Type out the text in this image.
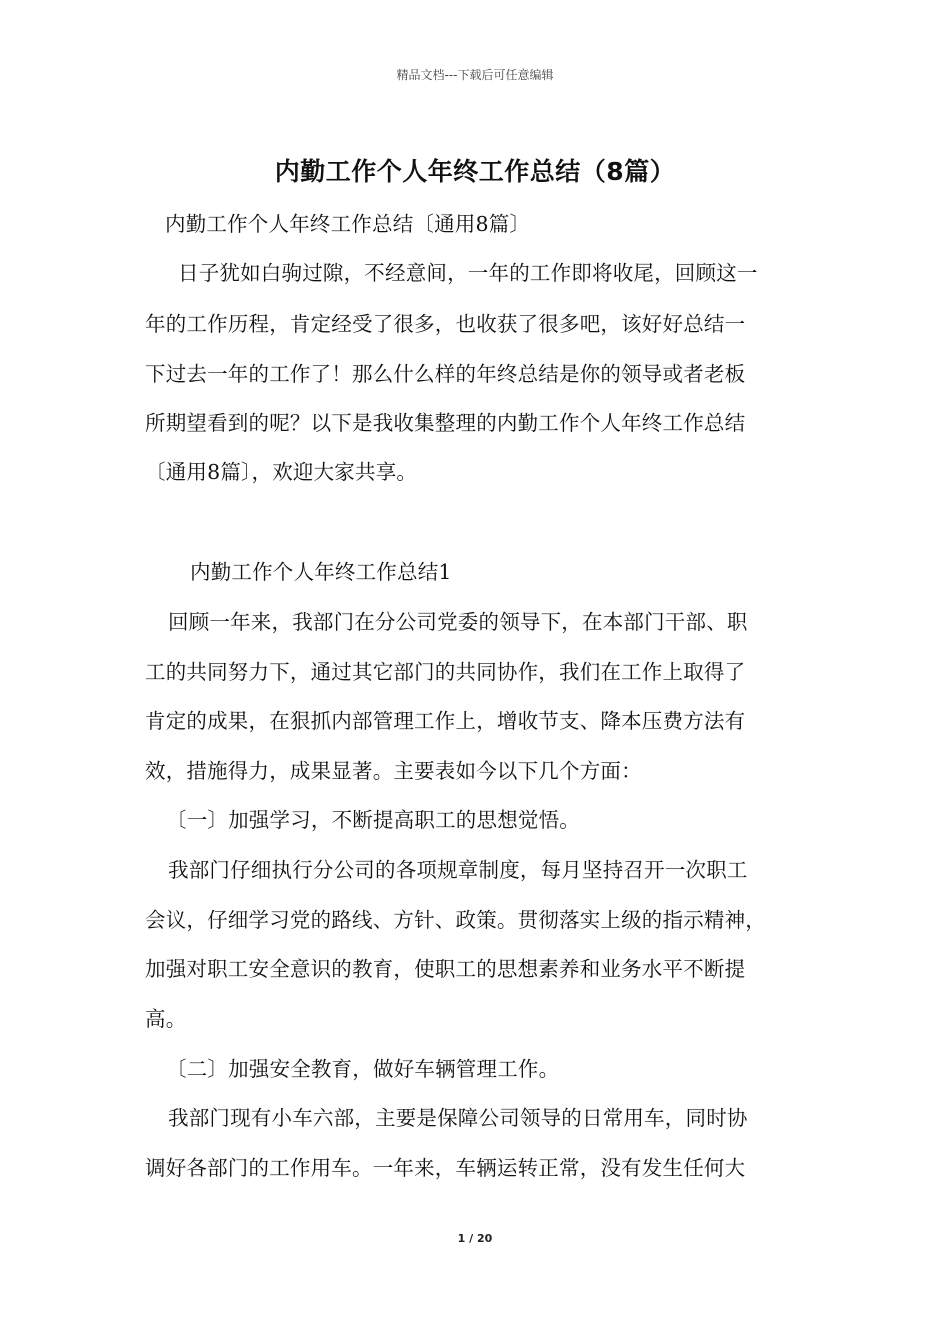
精品文档---下载后可任意编辑
内勤工作个人年终工作总结（8篇）
内勤工作个人年终工作总结〔通用8篇〕
日子犹如白驹过隙，不经意间，一年的工作即将收尾，回顾这一
年的工作历程，肯定经受了很多，也收获了很多吧，该好好总结一
下过去一年的工作了！那么什么样的年终总结是你的领导或者老板
所期望看到的呢？以下是我收集整理的内勤工作个人年终工作总结
〔通用8篇〕，欢迎大家共享。
内勤工作个人年终工作总结1
回顾一年来，我部门在分公司党委的领导下，在本部门干部、职
工的共同努力下，通过其它部门的共同协作，我们在工作上取得了
肯定的成果，在狠抓内部管理工作上，增收节支、降本压费方法有
效，措施得力，成果显著。主要表如今以下几个方面：
〔一〕加强学习，不断提高职工的思想觉悟。
我部门仔细执行分公司的各项规章制度，每月坚持召开一次职工
会议，仔细学习党的路线、方针、政策。贯彻落实上级的指示精神，
加强对职工安全意识的教育，使职工的思想素养和业务水平不断提
高。
〔二〕加强安全教育，做好车辆管理工作。
我部门现有小车六部，主要是保障公司领导的日常用车，同时协
调好各部门的工作用车。一年来，车辆运转正常，没有发生任何大
1 / 20
